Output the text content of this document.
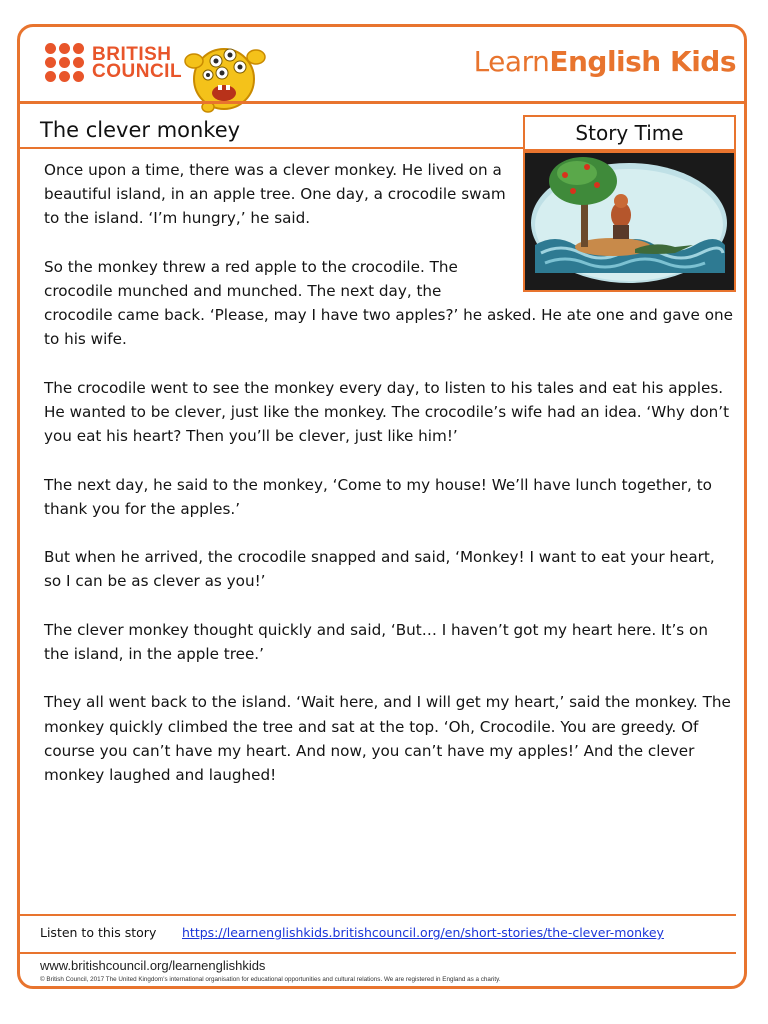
BRITISH
COUNCIL	LearnEnglish Kids
The clever monkey	Story Time

Once upon a time, there was a clever monkey. He lived on a beautiful island, in an apple tree. One day, a crocodile swam to the island. ‘I’m hungry,’ he said.

So the monkey threw a red apple to the crocodile. The crocodile munched and munched. The next day, the
crocodile came back. ‘Please, may I have two apples?’ he asked. He ate one and gave one to his wife.

The crocodile went to see the monkey every day, to listen to his tales and eat his apples. He wanted to be clever, just like the monkey. The crocodile’s wife had an idea. ‘Why don’t you eat his heart? Then you’ll be clever, just like him!’

The next day, he said to the monkey, ‘Come to my house! We’ll have lunch together, to thank you for the apples.’

But when he arrived, the crocodile snapped and said, ‘Monkey! I want to eat your heart, so I can be as clever as you!’

The clever monkey thought quickly and said, ‘But… I haven’t got my heart here. It’s on the island, in the apple tree.’

They all went back to the island. ‘Wait here, and I will get my heart,’ said the monkey. The monkey quickly climbed the tree and sat at the top. ‘Oh, Crocodile. You are greedy. Of course you can’t have my heart. And now, you can’t have my apples!’ And the clever monkey laughed and laughed!

Listen to this story https://learnenglishkids.britishcouncil.org/en/short-stories/the-clever-monkey
www.britishcouncil.org/learnenglishkids
© British Council, 2017 The United Kingdom’s international organisation for educational opportunities and cultural relations. We are registered in England as a charity.
